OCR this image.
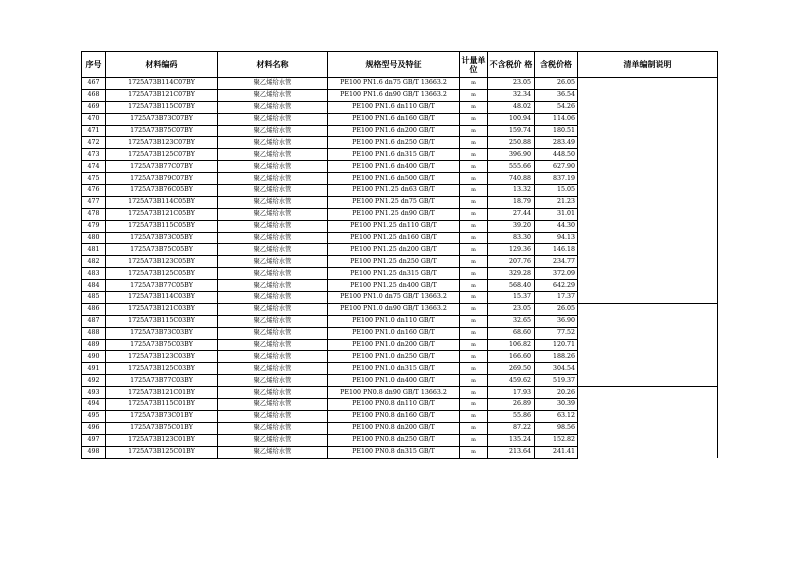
序号	材料编码	材料名称	规格型号及特征	计量单位	不含税价 格	含税价格	清单编制说明
467	1725A73B114C07BY	聚乙烯给水管	PE100 PN1.6 dn75 GB/T 13663.2	m	23.05	26.05	
468	1725A73B121C07BY	聚乙烯给水管	PE100 PN1.6 dn90 GB/T 13663.2	m	32.34	36.54	
469	1725A73B115C07BY	聚乙烯给水管	PE100 PN1.6 dn110 GB/T	m	48.02	54.26	
470	1725A73B73C07BY	聚乙烯给水管	PE100 PN1.6 dn160 GB/T	m	100.94	114.06	
471	1725A73B75C07BY	聚乙烯给水管	PE100 PN1.6 dn200 GB/T	m	159.74	180.51	
472	1725A73B123C07BY	聚乙烯给水管	PE100 PN1.6 dn250 GB/T	m	250.88	283.49	
473	1725A73B125C07BY	聚乙烯给水管	PE100 PN1.6 dn315 GB/T	m	396.90	448.50	
474	1725A73B77C07BY	聚乙烯给水管	PE100 PN1.6 dn400 GB/T	m	555.66	627.90	
475	1725A73B79C07BY	聚乙烯给水管	PE100 PN1.6 dn500 GB/T	m	740.88	837.19	
476	1725A73B76C05BY	聚乙烯给水管	PE100 PN1.25 dn63 GB/T	m	13.32	15.05	
477	1725A73B114C05BY	聚乙烯给水管	PE100 PN1.25 dn75 GB/T	m	18.79	21.23	
478	1725A73B121C05BY	聚乙烯给水管	PE100 PN1.25 dn90 GB/T	m	27.44	31.01	
479	1725A73B115C05BY	聚乙烯给水管	PE100 PN1.25 dn110 GB/T	m	39.20	44.30	
480	1725A73B73C05BY	聚乙烯给水管	PE100 PN1.25 dn160 GB/T	m	83.30	94.13	
481	1725A73B75C05BY	聚乙烯给水管	PE100 PN1.25 dn200 GB/T	m	129.36	146.18	
482	1725A73B123C05BY	聚乙烯给水管	PE100 PN1.25 dn250 GB/T	m	207.76	234.77	
483	1725A73B125C05BY	聚乙烯给水管	PE100 PN1.25 dn315 GB/T	m	329.28	372.09	
484	1725A73B77C05BY	聚乙烯给水管	PE100 PN1.25 dn400 GB/T	m	568.40	642.29	
485	1725A73B114C03BY	聚乙烯给水管	PE100 PN1.0 dn75 GB/T 13663.2	m	15.37	17.37	
486	1725A73B121C03BY	聚乙烯给水管	PE100 PN1.0 dn90 GB/T 13663.2	m	23.05	26.05	
487	1725A73B115C03BY	聚乙烯给水管	PE100 PN1.0 dn110 GB/T	m	32.65	36.90	
488	1725A73B73C03BY	聚乙烯给水管	PE100 PN1.0 dn160 GB/T	m	68.60	77.52	
489	1725A73B75C03BY	聚乙烯给水管	PE100 PN1.0 dn200 GB/T	m	106.82	120.71	
490	1725A73B123C03BY	聚乙烯给水管	PE100 PN1.0 dn250 GB/T	m	166.60	188.26	
491	1725A73B125C03BY	聚乙烯给水管	PE100 PN1.0 dn315 GB/T	m	269.50	304.54	
492	1725A73B77C03BY	聚乙烯给水管	PE100 PN1.0 dn400 GB/T	m	459.62	519.37	
493	1725A73B121C01BY	聚乙烯给水管	PE100 PN0.8 dn90 GB/T 13663.2	m	17.93	20.26	
494	1725A73B115C01BY	聚乙烯给水管	PE100 PN0.8 dn110 GB/T	m	26.89	30.39	
495	1725A73B73C01BY	聚乙烯给水管	PE100 PN0.8 dn160 GB/T	m	55.86	63.12	
496	1725A73B75C01BY	聚乙烯给水管	PE100 PN0.8 dn200 GB/T	m	87.22	98.56	
497	1725A73B123C01BY	聚乙烯给水管	PE100 PN0.8 dn250 GB/T	m	135.24	152.82	
498	1725A73B125C01BY	聚乙烯给水管	PE100 PN0.8 dn315 GB/T	m	213.64	241.41	
